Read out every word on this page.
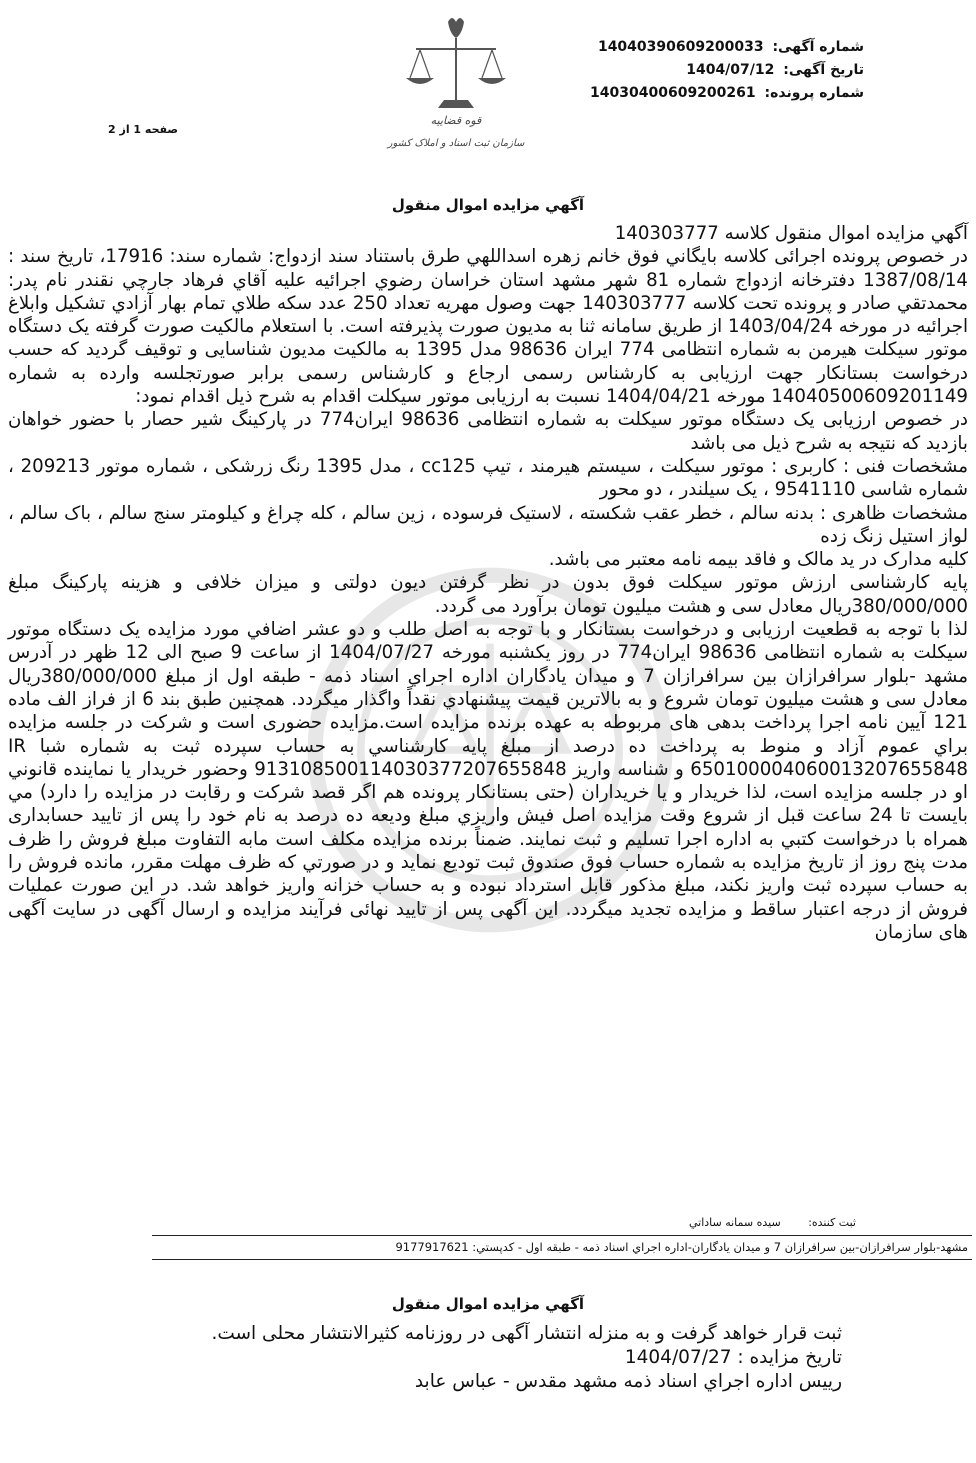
شماره آگهی: 14040390609200033
تاریخ آگهی: 1404/07/12
شماره پرونده: 14030400609200261
قوه قضاییه
سازمان ثبت اسناد و املاک کشور
صفحه 1 از 2
آگهي مزايده اموال منقول

آگهي مزايده اموال منقول كلاسه 140303777

در خصوص پرونده اجرائی كلاسه بايگاني فوق خانم زهره اسداللهي طرق باستناد سند ازدواج: شماره سند: 17916، تاريخ سند : 1387/08/14 دفترخانه ازدواج شماره 81 شهر مشهد استان خراسان رضوي اجرائيه عليه آقاي فرهاد جارچي نقندر نام پدر: محمدتقي صادر و پرونده تحت كلاسه 140303777 جهت وصول مهريه تعداد 250 عدد سكه طلاي تمام بهار آزادي تشكيل وابلاغ اجرائيه در مورخه 1403/04/24 از طريق سامانه ثنا به مديون صورت پذيرفته است. با استعلام مالكيت صورت گرفته يک دستگاه موتور سيکلت هيرمن به شماره انتظامی 774 ايران 98636 مدل 1395 به مالکيت مديون شناسايی و توقيف گرديد كه حسب درخواست بستانكار جهت ارزيابی به كارشناس رسمی ارجاع و كارشناس رسمی برابر صورتجلسه وارده به شماره 14040500609201149 مورخه 1404/04/21 نسبت به ارزيابی موتور سيکلت اقدام به شرح ذيل اقدام نمود:

در خصوص ارزيابی يک دستگاه موتور سيکلت به شماره انتظامی 98636 ايران774 در پارکينگ شير حصار با حضور خواهان بازديد كه نتيجه به شرح ذيل می باشد

مشخصات فنی : کاربری : موتور سيکلت ، سيستم هيرمند ، تيپ cc125 ، مدل 1395 رنگ زرشکی ، شماره موتور 209213 ، شماره شاسی 9541110 ، يک سيلندر ، دو محور

مشخصات ظاهری : بدنه سالم ، خطر عقب شکسته ، لاستيک فرسوده ، زين سالم ، کله چراغ و کيلومتر سنج سالم ، باک سالم ، لواز استيل زنگ زده

کليه مدارک در يد مالک و فاقد بيمه نامه معتبر می باشد.

پايه کارشناسی ارزش موتور سيکلت فوق بدون در نظر گرفتن ديون دولتی و ميزان خلافی و هزينه پارکينگ مبلغ 380/000/000ريال معادل سی و هشت ميليون تومان برآورد می گردد.

لذا با توجه به قطعيت ارزيابی و درخواست بستانكار و با توجه به اصل طلب و دو عشر اضافي مورد مزايده يک دستگاه موتور سيکلت به شماره انتظامی 98636 ايران774 در روز يكشنبه مورخه 1404/07/27 از ساعت 9 صبح الی 12 ظهر در آدرس مشهد -بلوار سرافرازان بين سرافرازان 7 و ميدان يادگاران اداره اجراي اسناد ذمه - طبقه اول از مبلغ 380/000/000ريال معادل سی و هشت ميليون تومان شروع و به بالاترين قيمت پيشنهادي نقداً واگذار ميگردد. همچنين طبق بند 6 از فراز الف ماده 121 آيين نامه اجرا پرداخت بدهی های مربوطه به عهده برنده مزايده است.مزايده حضوری است و شركت در جلسه مزايده براي عموم آزاد و منوط به پرداخت ده درصد از مبلغ پايه كارشناسي به حساب سپرده ثبت به شماره شبا IR 650100004060013207655848 و شناسه واريز 913108500114030377207655848 وحضور خريدار يا نماينده قانوني او در جلسه مزايده است، لذا خريدار و يا خريداران (حتی بستانكار پرونده هم اگر قصد شركت و رقابت در مزايده را دارد) مي بايست تا 24 ساعت قبل از شروع وقت مزايده اصل فيش واريزي مبلغ وديعه ده درصد به نام خود را پس از تاييد حسابداری همراه با درخواست كتبي به اداره اجرا تسليم و ثبت نمايند. ضمناً برنده مزايده مكلف است مابه التفاوت مبلغ فروش را ظرف مدت پنج روز از تاريخ مزايده به شماره حساب فوق صندوق ثبت توديع نمايد و در صورتي كه ظرف مهلت مقرر، مانده فروش را به حساب سپرده ثبت واريز نكند، مبلغ مذكور قابل استرداد نبوده و به حساب خزانه واريز خواهد شد. در اين صورت عمليات فروش از درجه اعتبار ساقط و مزايده تجديد ميگردد. اين آگهی پس از تاييد نهائی فرآيند مزايده و ارسال آگهی در سايت آگهی های سازمان

ثبت كننده: سيده سمانه ساداتي
مشهد-بلوار سرافرازان-بين سرافرازان 7 و ميدان يادگاران-اداره اجراي اسناد ذمه - طبقه اول - كدپستي: 9177917621
آگهي مزايده اموال منقول

ثبت قرار خواهد گرفت و به منزله انتشار آگهی در روزنامه كثيرالانتشار محلی است.

تاريخ مزايده : 1404/07/27

رييس اداره اجراي اسناد ذمه مشهد مقدس - عباس عابد
